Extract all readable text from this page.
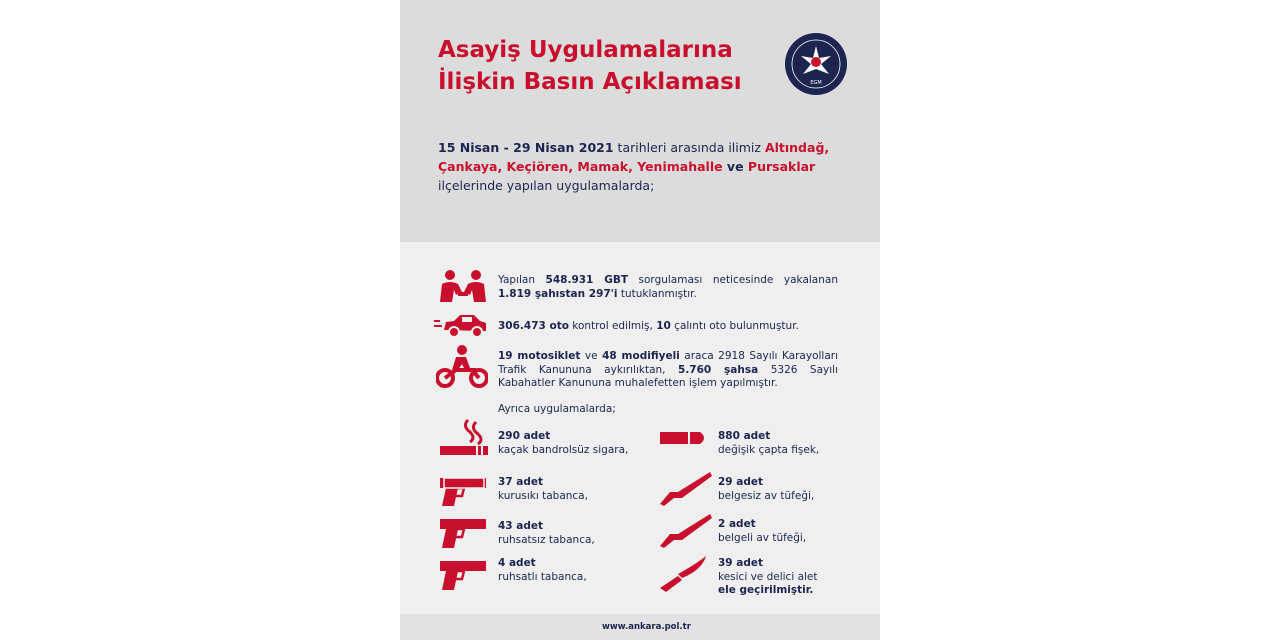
Asayiş Uygulamalarına
İlişkin Basın Açıklaması	EGM
15 Nisan - 29 Nisan 2021 tarihleri arasında ilimiz Altındağ, Çankaya, Keçiören, Mamak, Yenimahalle ve Pursaklar ilçelerinde yapılan uygulamalarda;
Yapılan 548.931 GBT sorgulaması neticesinde yakalanan 1.819 şahıstan 297'i tutuklanmıştır.
306.473 oto kontrol edilmiş, 10 çalıntı oto bulunmuştur.
19 motosiklet ve 48 modifiyeli araca 2918 Sayılı Karayolları Trafik Kanununa aykırılıktan, 5.760 şahsa 5326 Sayılı Kabahatler Kanununa muhalefetten işlem yapılmıştır.
Ayrıca uygulamalarda;
290 adet
kaçak bandrolsüz sigara,
37 adet
kurusıkı tabanca,
43 adet
ruhsatsız tabanca,
4 adet
ruhsatlı tabanca,
880 adet
değişik çapta fişek,
29 adet
belgesiz av tüfeği,
2 adet
belgeli av tüfeği,
39 adet
kesici ve delici alet
ele geçirilmiştir.
www.ankara.pol.tr
